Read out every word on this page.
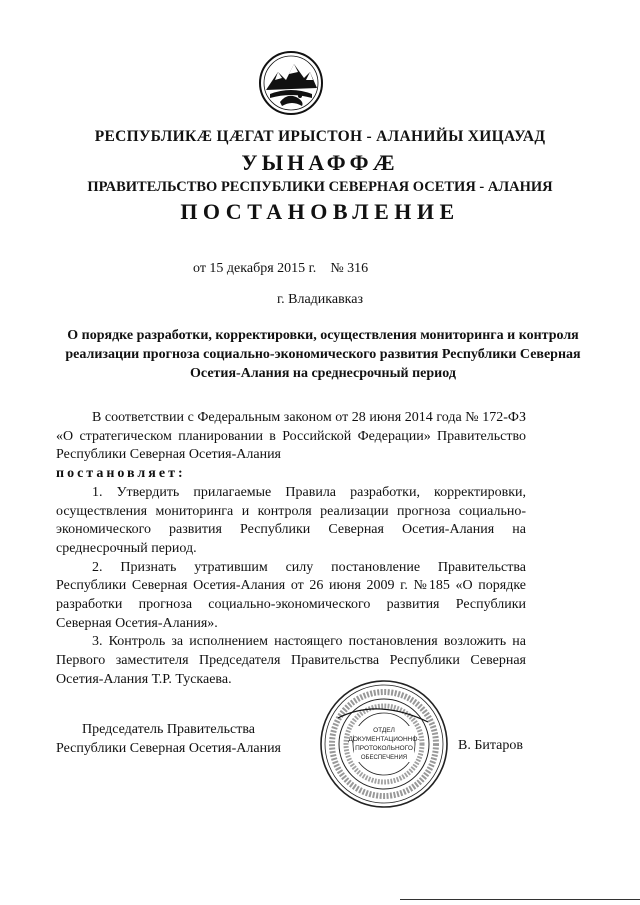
РЕСПУБЛИКÆ ЦÆГАТ ИРЫСТОН - АЛАНИЙЫ ХИЦАУАД
УЫНАФФÆ
ПРАВИТЕЛЬСТВО РЕСПУБЛИКИ СЕВЕРНАЯ ОСЕТИЯ - АЛАНИЯ
ПОСТАНОВЛЕНИЕ
от 15 декабря 2015 г. № 316
г. Владикавказ
О порядке разработки, корректировки, осуществления мониторинга и контроля реализации прогноза социально-экономического развития Республики Северная Осетия-Алания на среднесрочный период

В соответствии с Федеральным законом от 28 июня 2014 года № 172-ФЗ «О стратегическом планировании в Российской Федерации» Правительство Республики Северная Осетия-Алания

постановляет:

1. Утвердить прилагаемые Правила разработки, корректировки, осуществления мониторинга и контроля реализации прогноза социально-экономического развития Республики Северная Осетия-Алания на среднесрочный период.

2. Признать утратившим силу постановление Правительства Республики Северная Осетия-Алания от 26 июня 2009 г. №185 «О порядке разработки прогноза социально-экономического развития Республики Северная Осетия-Алания».

3. Контроль за исполнением настоящего постановления возложить на Первого заместителя Председателя Правительства Республики Северная Осетия-Алания Т.Р. Тускаева.

Председатель Правительства
Республики Северная Осетия-Алания
ОТДЕЛ
ДОКУМЕНТАЦИОННО-
ПРОТОКОЛЬНОГО
ОБЕСПЕЧЕНИЯ
В. Битаров
